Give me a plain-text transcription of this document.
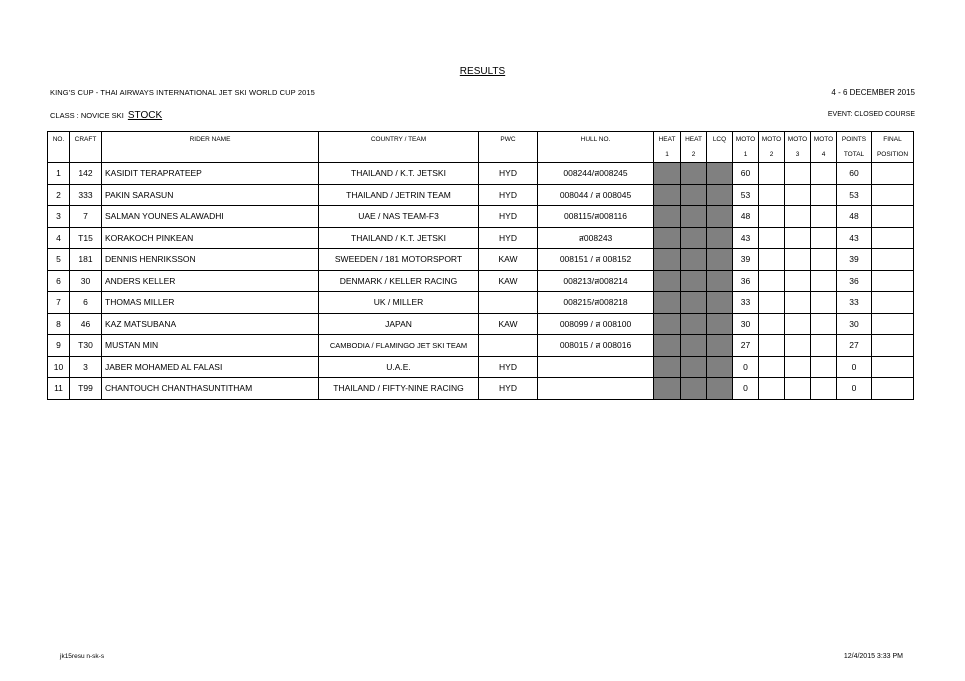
RESULTS
KING'S CUP - THAI AIRWAYS INTERNATIONAL JET SKI WORLD CUP 2015	4 - 6 DECEMBER 2015
CLASS : NOVICE SKI STOCK	EVENT: CLOSED COURSE
NO.	CRAFT	RIDER NAME	COUNTRY / TEAM	PWC	HULL NO.	HEAT	HEAT	LCQ	MOTO	MOTO	MOTO	MOTO	POINTS	FINAL
						1	2		1	2	3	4	TOTAL	POSITION
1	142	KASIDIT TERAPRATEEP	THAILAND / K.T. JETSKI	HYD	008244/ส008245				60				60	
2	333	PAKIN SARASUN	THAILAND / JETRIN TEAM	HYD	008044 / ส 008045				53				53	
3	7	SALMAN YOUNES ALAWADHI	UAE / NAS TEAM-F3	HYD	008115/ส008116				48				48	
4	T15	KORAKOCH PINKEAN	THAILAND / K.T. JETSKI	HYD	ส008243				43				43	
5	181	DENNIS HENRIKSSON	SWEEDEN / 181 MOTORSPORT	KAW	008151 / ส 008152				39				39	
6	30	ANDERS KELLER	DENMARK / KELLER RACING	KAW	008213/ส008214				36				36	
7	6	THOMAS MILLER	UK / MILLER		008215/ส008218				33				33	
8	46	KAZ MATSUBANA	JAPAN	KAW	008099 / ส 008100				30				30	
9	T30	MUSTAN MIN	CAMBODIA / FLAMINGO JET SKI TEAM		008015 / ส 008016				27				27	
10	3	JABER MOHAMED AL FALASI	U.A.E.	HYD					0				0	
11	T99	CHANTOUCH CHANTHASUNTITHAM	THAILAND / FIFTY-NINE RACING	HYD					0				0	
jk15resu n-sk-s	12/4/2015 3:33 PM
